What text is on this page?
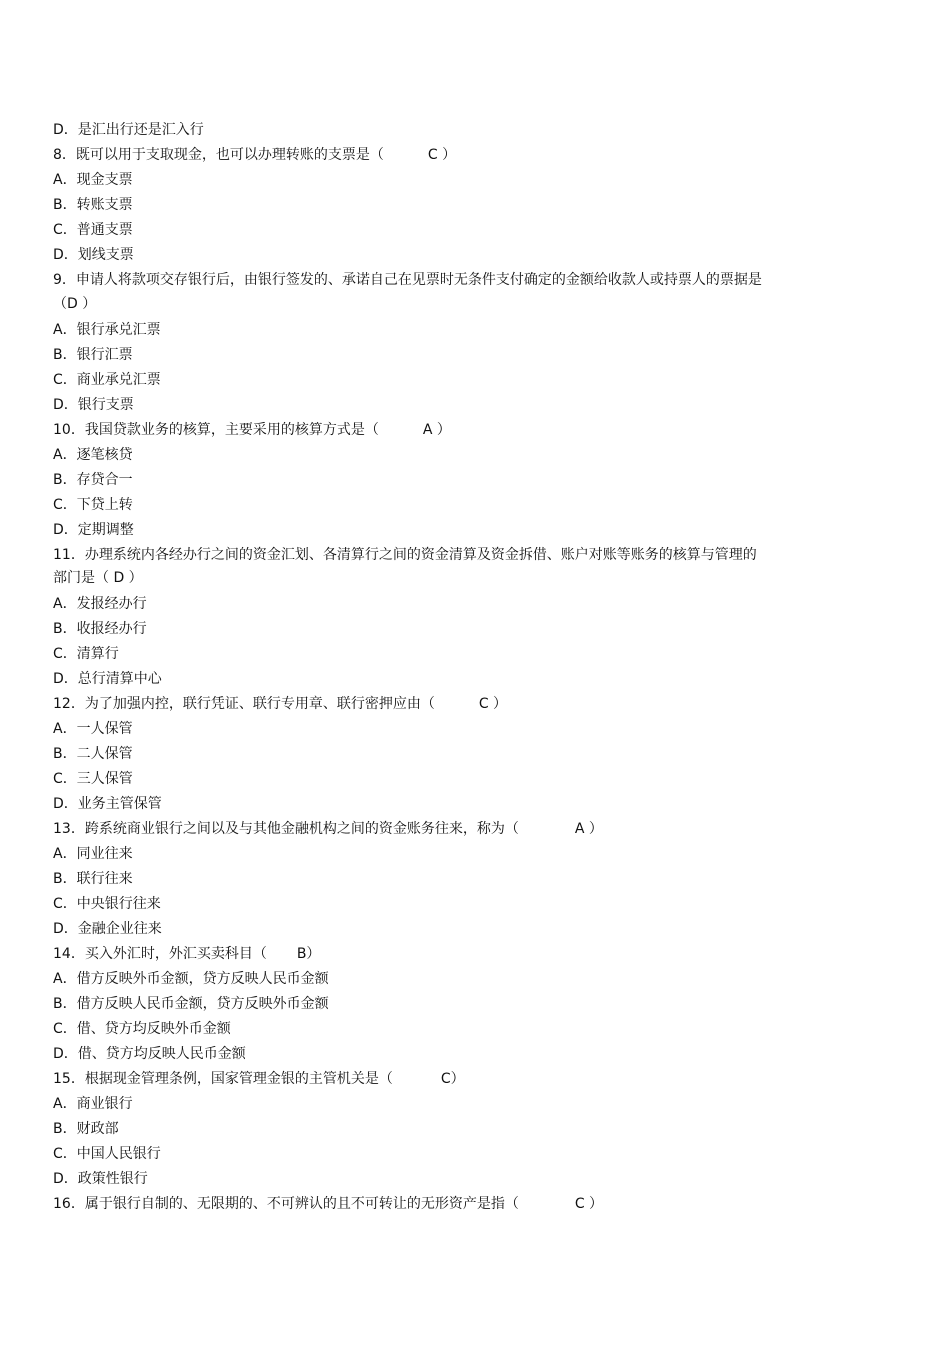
D．是汇出行还是汇入行
8．既可以用于支取现金，也可以办理转账的支票是（	C ）
A．现金支票
B．转账支票
C．普通支票
D．划线支票
9．申请人将款项交存银行后，由银行签发的、承诺自己在见票时无条件支付确定的金额给收款人或持票人的票据是
（D ）
A．银行承兑汇票
B．银行汇票
C．商业承兑汇票
D．银行支票
10．我国贷款业务的核算，主要采用的核算方式是（	A ）
A．逐笔核贷
B．存贷合一
C．下贷上转
D．定期调整
11．办理系统内各经办行之间的资金汇划、各清算行之间的资金清算及资金拆借、账户对账等账务的核算与管理的
部门是（ D ）
A．发报经办行
B．收报经办行
C．清算行
D．总行清算中心
12．为了加强内控，联行凭证、联行专用章、联行密押应由（	C ）
A．一人保管
B．二人保管
C．三人保管
D．业务主管保管
13．跨系统商业银行之间以及与其他金融机构之间的资金账务往来，称为（	A ）
A．同业往来
B．联行往来
C．中央银行往来
D．金融企业往来
14．买入外汇时，外汇买卖科目（ B）
A．借方反映外币金额，贷方反映人民币金额
B．借方反映人民币金额，贷方反映外币金额
C．借、贷方均反映外币金额
D．借、贷方均反映人民币金额
15．根据现金管理条例，国家管理金银的主管机关是（	C）
A．商业银行
B．财政部
C．中国人民银行
D．政策性银行
16．属于银行自制的、无限期的、不可辨认的且不可转让的无形资产是指（	C ）
